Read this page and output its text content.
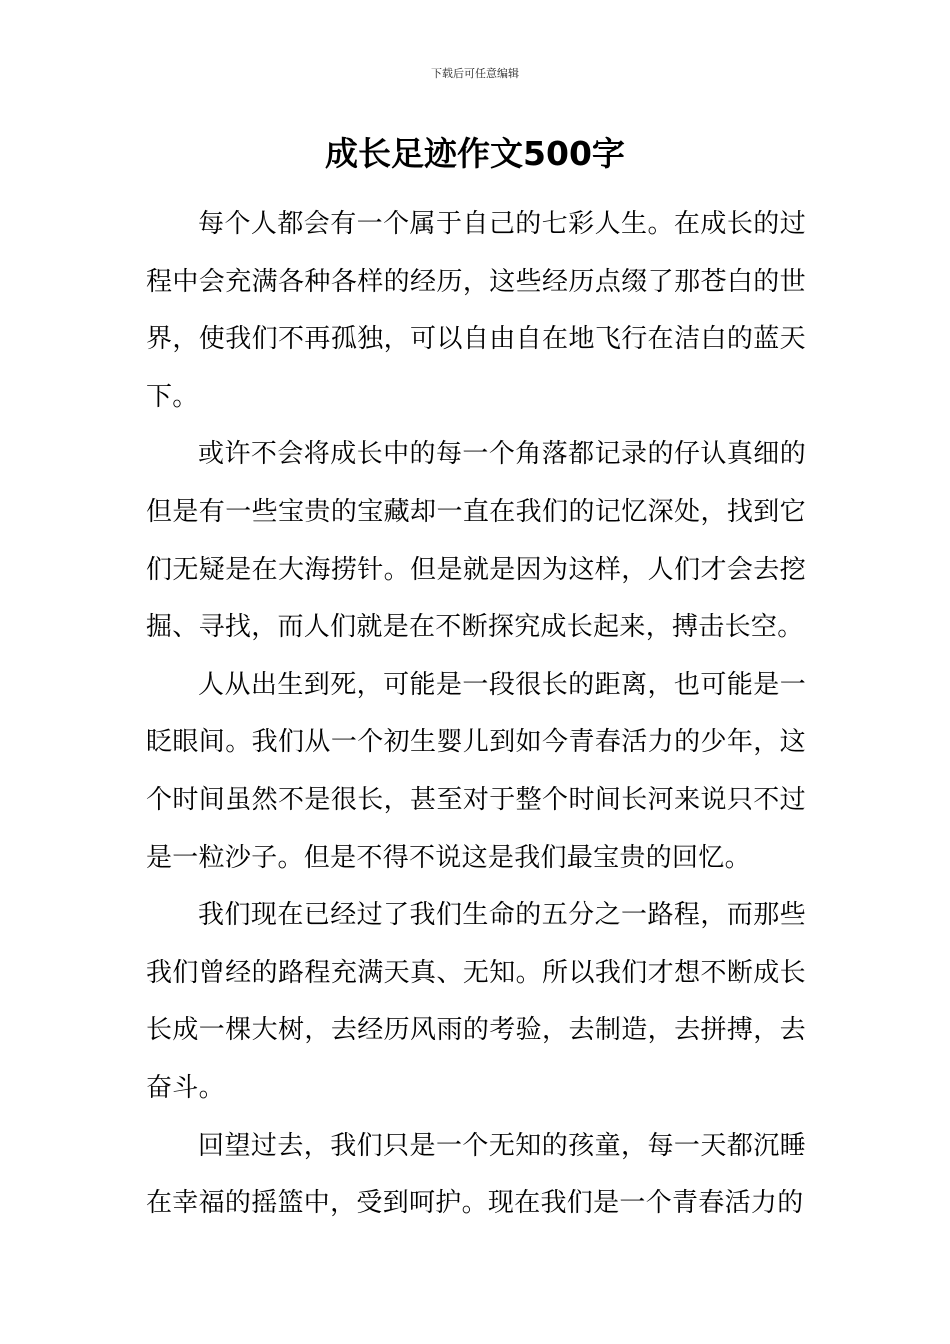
下载后可任意编辑
成长足迹作文500字

每个人都会有一个属于自己的七彩人生。在成长的过程中会充满各种各样的经历，这些经历点缀了那苍白的世界，使我们不再孤独，可以自由自在地飞行在洁白的蓝天下。

或许不会将成长中的每一个角落都记录的仔认真细的但是有一些宝贵的宝藏却一直在我们的记忆深处，找到它们无疑是在大海捞针。但是就是因为这样，人们才会去挖掘、寻找，而人们就是在不断探究成长起来，搏击长空。

人从出生到死，可能是一段很长的距离，也可能是一眨眼间。我们从一个初生婴儿到如今青春活力的少年，这个时间虽然不是很长，甚至对于整个时间长河来说只不过是一粒沙子。但是不得不说这是我们最宝贵的回忆。

我们现在已经过了我们生命的五分之一路程，而那些我们曾经的路程充满天真、无知。所以我们才想不断成长长成一棵大树，去经历风雨的考验，去制造，去拼搏，去奋斗。

回望过去，我们只是一个无知的孩童，每一天都沉睡在幸福的摇篮中，受到呵护。现在我们是一个青春活力的
